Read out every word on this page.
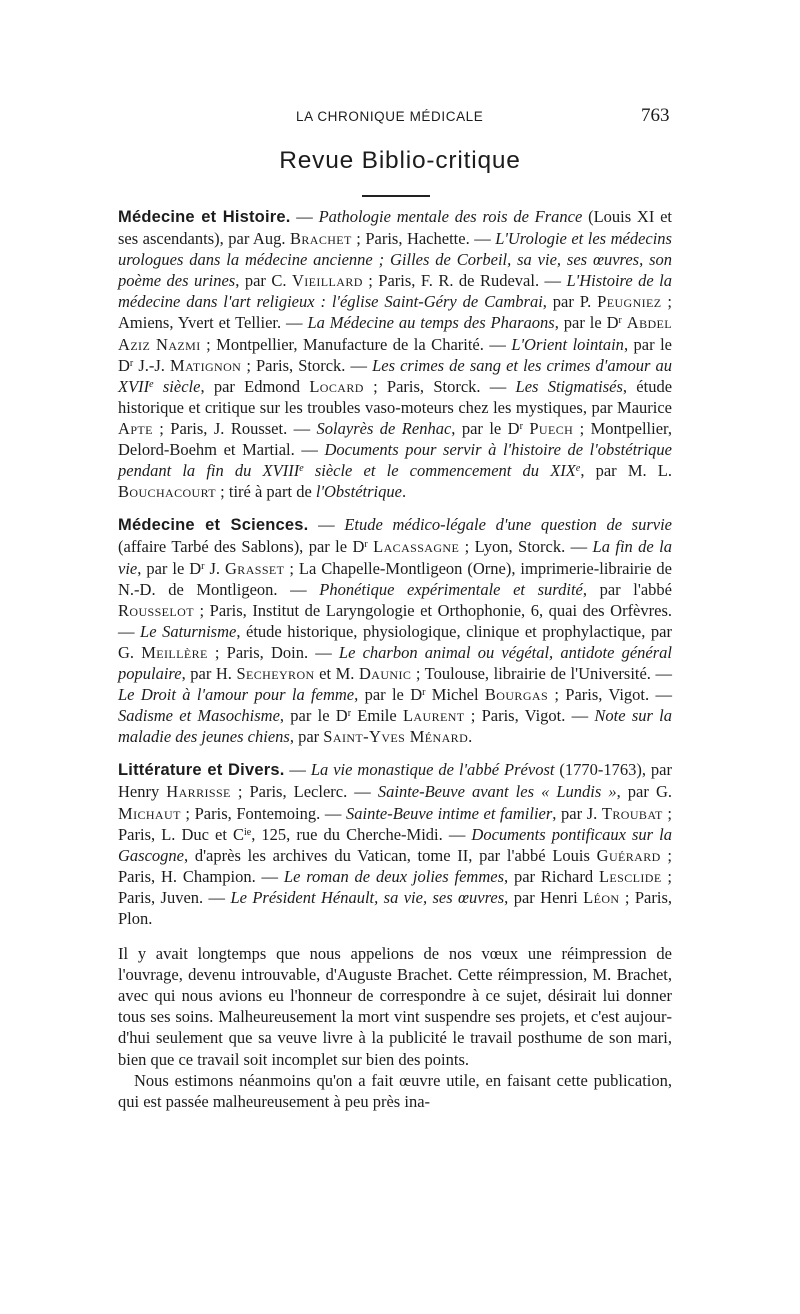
LA CHRONIQUE MÉDICALE	763
Revue Biblio-critique
Médecine et Histoire. — Pathologie mentale des rois de France (Louis XI et ses ascendants), par Aug. Brachet ; Paris, Hachette. — L'Urologie et les médecins urologues dans la médecine ancienne ; Gilles de Corbeil, sa vie, ses œuvres, son poème des urines, par C. Vieillard ; Paris, F. R. de Rudeval. — L'Histoire de la médecine dans l'art religieux : l'église Saint-Géry de Cambrai, par P. Peugniez ; Amiens, Yvert et Tellier. — La Médecine au temps des Pharaons, par le $D^r$ Abdel Aziz Nazmi ; Montpellier, Manufacture de la Charité. — L'Orient lointain, par le $D^r$ J.-J. Matignon ; Paris, Storck. — Les crimes de sang et les crimes d'amour au XVIIe siècle, par Edmond Locard ; Paris, Storck. — Les Stigmatisés, étude historique et critique sur les troubles vaso-moteurs chez les mystiques, par Maurice Apte ; Paris, J. Rousset. — Solayrès de Renhac, par le $D^r$ Puech ; Montpellier, Delord-Boehm et Martial. — Documents pour servir à l'histoire de l'obstétrique pendant la fin du XVIIIe siècle et le commencement du XIXe, par M. L. Bouchacourt ; tiré à part de l'Obstétrique.
Médecine et Sciences. — Etude médico-légale d'une question de survie (affaire Tarbé des Sablons), par le $D^r$ Lacassagne ; Lyon, Storck. — La fin de la vie, par le $D^r$ J. Grasset ; La Chapelle-Montligeon (Orne), imprimerie-librairie de N.-D. de Montligeon. — Phonétique expérimentale et surdité, par l'abbé Rousselot ; Paris, Institut de Laryngologie et Orthophonie, 6, quai des Orfèvres. — Le Saturnisme, étude historique, physiologique, clinique et prophylactique, par G. Meillère ; Paris, Doin. — Le charbon animal ou végétal, antidote général populaire, par H. Secheyron et M. Daunic ; Toulouse, librairie de l'Université. — Le Droit à l'amour pour la femme, par le $D^r$ Michel Bourgas ; Paris, Vigot. — Sadisme et Masochisme, par le $D^r$ Emile Laurent ; Paris, Vigot. — Note sur la maladie des jeunes chiens, par Saint-Yves Ménard.
Littérature et Divers. — La vie monastique de l'abbé Prévost (1770-1763), par Henry Harrisse ; Paris, Leclerc. — Sainte-Beuve avant les « Lundis », par G. Michaut ; Paris, Fontemoing. — Sainte-Beuve intime et familier, par J. Troubat ; Paris, L. Duc et $C^{ie}$, 125, rue du Cherche-Midi. — Documents pontificaux sur la Gascogne, d'après les archives du Vatican, tome II, par l'abbé Louis Guérard ; Paris, H. Champion. — Le roman de deux jolies femmes, par Richard Lesclide ; Paris, Juven. — Le Président Hénault, sa vie, ses œuvres, par Henri Léon ; Paris, Plon.
Il y avait longtemps que nous appelions de nos vœux une réimpression de l'ouvrage, devenu introuvable, d'Auguste Brachet. Cette réimpression, M. Brachet, avec qui nous avions eu l'honneur de correspondre à ce sujet, désirait lui donner tous ses soins. Malheureusement la mort vint suspendre ses projets, et c'est aujourd'hui seulement que sa veuve livre à la publicité le travail posthume de son mari, bien que ce travail soit incomplet sur bien des points.
Nous estimons néanmoins qu'on a fait œuvre utile, en faisant cette publication, qui est passée malheureusement à peu près ina-
